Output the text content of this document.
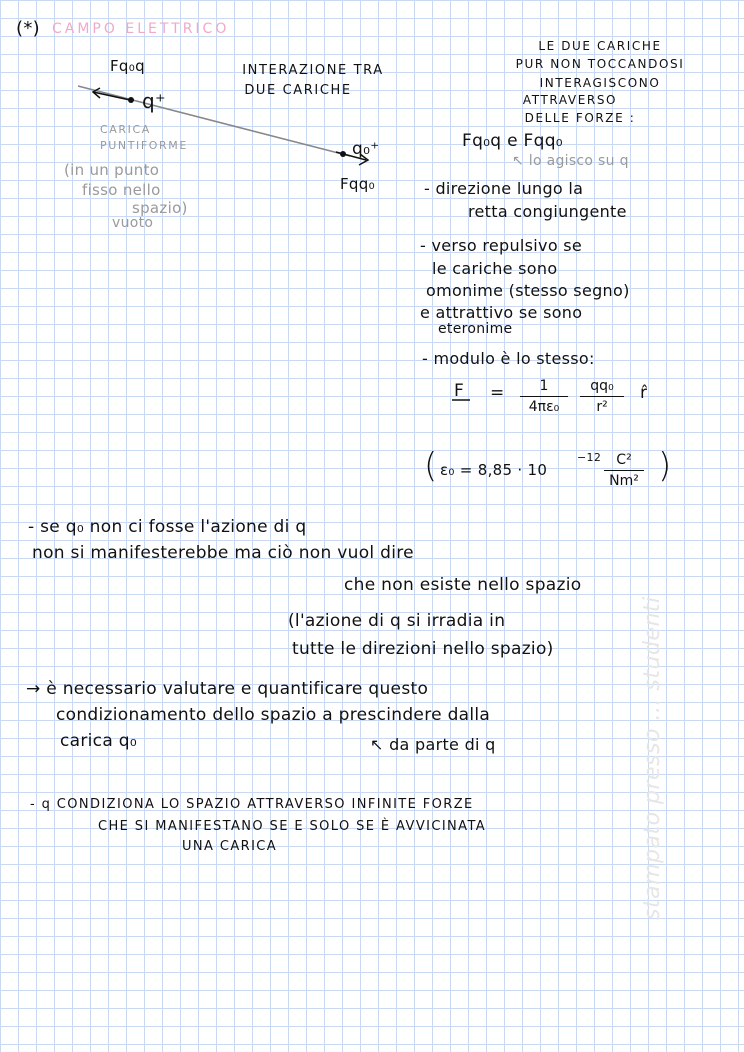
(*) CAMPO ELETTRICO
Fq₀q
q⁺
q₀⁺
Fqq₀
INTERAZIONE TRA
DUE CARICHE
CARICA
PUNTIFORME
(in un punto
fisso nello
spazio)
vuoto
LE DUE CARICHE
PUR NON TOCCANDOSI
INTERAGISCONO
ATTRAVERSO
DELLE FORZE :
Fq₀q e Fqq₀
↖ lo agisco su q
- direzione lungo la
retta congiungente
- verso repulsivo se
le cariche sono
omonime (stesso segno)
e attrattivo se sono
eteronime
- modulo è lo stesso:
F = 1
4πε₀
qq₀
r²
r̂
( ε₀ = 8,85 · 10
−12 C²
Nm² )
- se q₀ non ci fosse l'azione di q
non si manifesterebbe ma ciò non vuol dire
che non esiste nello spazio
(l'azione di q si irradia in
tutte le direzioni nello spazio)
→ è necessario valutare e quantificare questo
condizionamento dello spazio a prescindere dalla
carica q₀	↖ da parte di q
- q CONDIZIONA LO SPAZIO ATTRAVERSO INFINITE FORZE
CHE SI MANIFESTANO SE E SOLO SE È AVVICINATA
UNA CARICA	stampato presso ... studenti
